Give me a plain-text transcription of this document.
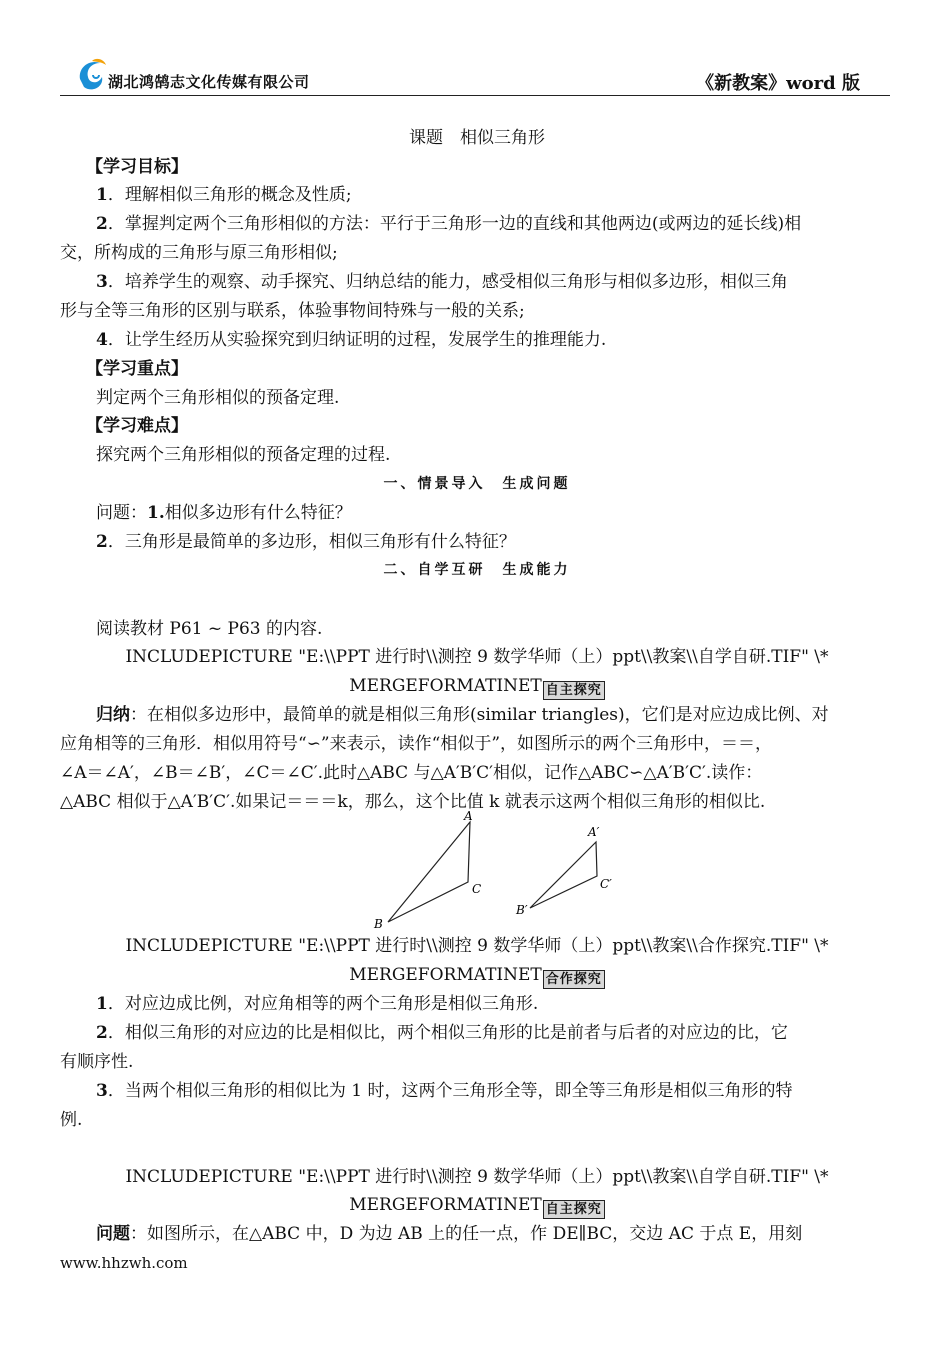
湖北鸿鹄志文化传媒有限公司	《新教案》word 版
课题　相似三角形
【学习目标】
1．理解相似三角形的概念及性质;
2．掌握判定两个三角形相似的方法：平行于三角形一边的直线和其他两边(或两边的延长线)相
交，所构成的三角形与原三角形相似;
3．培养学生的观察、动手探究、归纳总结的能力，感受相似三角形与相似多边形，相似三角
形与全等三角形的区别与联系，体验事物间特殊与一般的关系;
4．让学生经历从实验探究到归纳证明的过程，发展学生的推理能力.
【学习重点】
判定两个三角形相似的预备定理.
【学习难点】
探究两个三角形相似的预备定理的过程.
一、情景导入　生成问题
问题：1.相似多边形有什么特征？
2．三角形是最简单的多边形，相似三角形有什么特征？
二、自学互研　生成能力
阅读教材 P61 ~ P63 的内容.
INCLUDEPICTURE "E:\\PPT 进行时\\测控 9 数学华师（上）ppt\\教案\\自学自研.TIF" \*
MERGEFORMATINET 自主探究
归纳：在相似多边形中，最简单的就是相似三角形(similar triangles)，它们是对应边成比例、对
应角相等的三角形．相似用符号“∽”来表示，读作“相似于”，如图所示的两个三角形中，＝＝，
∠A＝∠A′，∠B＝∠B′，∠C＝∠C′.此时△ABC 与△A′B′C′相似，记作△ABC∽△A′B′C′.读作：
△ABC 相似于△A′B′C′.如果记＝＝＝k，那么，这个比值 k 就表示这两个相似三角形的相似比.
A
B
C
A′
B′
C′
INCLUDEPICTURE "E:\\PPT 进行时\\测控 9 数学华师（上）ppt\\教案\\合作探究.TIF" \*
MERGEFORMATINET 合作探究
1．对应边成比例，对应角相等的两个三角形是相似三角形.
2．相似三角形的对应边的比是相似比，两个相似三角形的比是前者与后者的对应边的比，它
有顺序性.
3．当两个相似三角形的相似比为 1 时，这两个三角形全等，即全等三角形是相似三角形的特
例.
INCLUDEPICTURE "E:\\PPT 进行时\\测控 9 数学华师（上）ppt\\教案\\自学自研.TIF" \*
MERGEFORMATINET 自主探究
问题：如图所示，在△ABC 中，D 为边 AB 上的任一点，作 DE∥BC，交边 AC 于点 E，用刻
www.hhzwh.com
